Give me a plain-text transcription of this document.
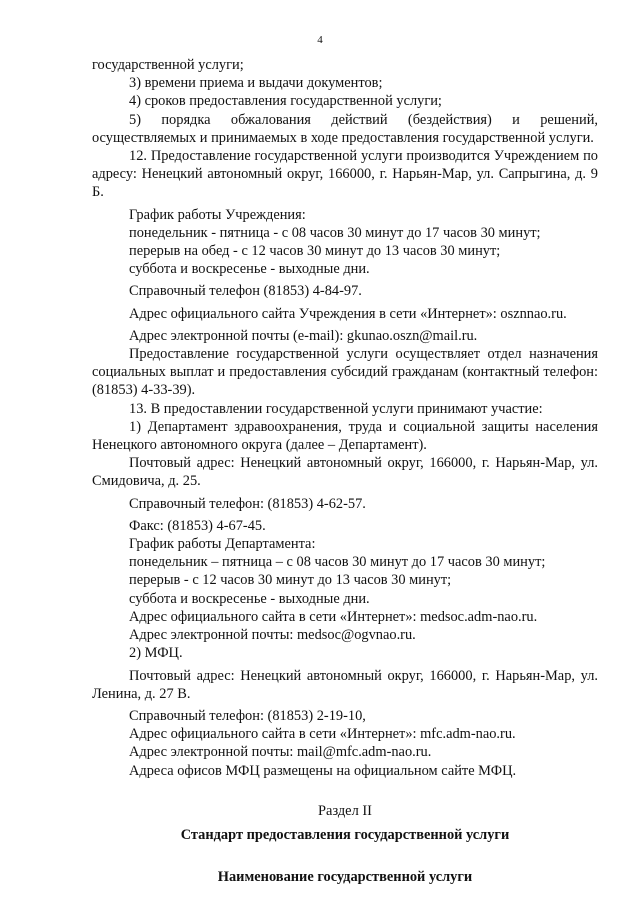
4

государственной услуги;

3) времени приема и выдачи документов;

4) сроков предоставления государственной услуги;

5) порядка обжалования действий (бездействия) и решений, осуществляемых и принимаемых в ходе предоставления государственной услуги.

12. Предоставление государственной услуги производится Учреждением по адресу: Ненецкий автономный округ, 166000, г. Нарьян-Мар, ул. Сапрыгина, д. 9 Б.

График работы Учреждения:

понедельник - пятница - с 08 часов 30 минут до 17 часов 30 минут;

перерыв на обед - с 12 часов 30 минут до 13 часов 30 минут;

суббота и воскресенье - выходные дни.

Справочный телефон (81853) 4-84-97.

Адрес официального сайта Учреждения в сети «Интернет»: osznnao.ru.

Адрес электронной почты (e-mail): gkunao.oszn@mail.ru.

Предоставление государственной услуги осуществляет отдел назначения социальных выплат и предоставления субсидий гражданам (контактный телефон: (81853) 4-33-39).

13. В предоставлении государственной услуги принимают участие:

1) Департамент здравоохранения, труда и социальной защиты населения Ненецкого автономного округа (далее – Департамент).

Почтовый адрес: Ненецкий автономный округ, 166000, г. Нарьян-Мар, ул. Смидовича, д. 25.

Справочный телефон: (81853) 4-62-57.

Факс: (81853) 4-67-45.

График работы Департамента:

понедельник – пятница – с 08 часов 30 минут до 17 часов 30 минут;

перерыв - с 12 часов 30 минут до 13 часов 30 минут;

суббота и воскресенье - выходные дни.

Адрес официального сайта в сети «Интернет»: medsoc.adm-nao.ru.

Адрес электронной почты: medsoc@ogvnao.ru.

2) МФЦ.

Почтовый адрес: Ненецкий автономный округ, 166000, г. Нарьян-Мар, ул. Ленина, д. 27 В.

Справочный телефон: (81853) 2-19-10,

Адрес официального сайта в сети «Интернет»: mfc.adm-nao.ru.

Адрес электронной почты: mail@mfc.adm-nao.ru.

Адреса офисов МФЦ размещены на официальном сайте МФЦ.

Раздел II

Стандарт предоставления государственной услуги

Наименование государственной услуги
